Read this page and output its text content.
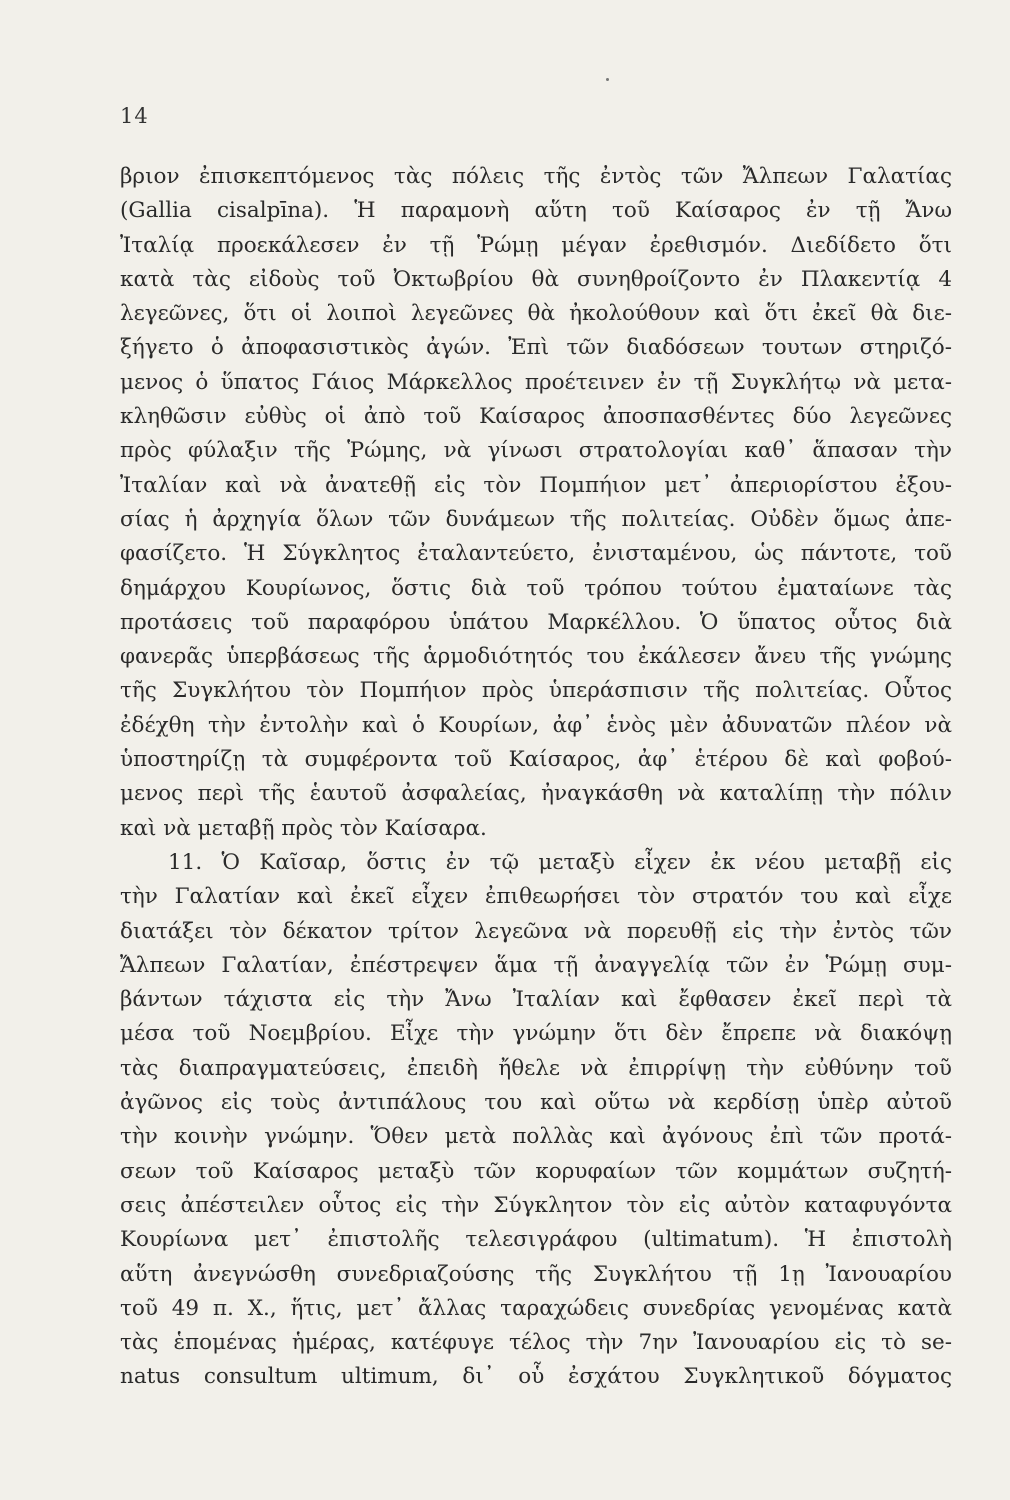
14
βριον ἐπισκεπτόμενος τὰς πόλεις τῆς ἐντὸς τῶν Ἄλπεων Γαλατίας
(Gallia cisalpīna). Ἡ παραμονὴ αὕτη τοῦ Καίσαρος ἐν τῇ Ἄνω
Ἰταλίᾳ προεκάλεσεν ἐν τῇ Ῥώμῃ μέγαν ἐρεθισμόν. Διεδίδετο ὅτι
κατὰ τὰς εἰδοὺς τοῦ Ὀκτωβρίου θὰ συνηθροίζοντο ἐν Πλακεντίᾳ 4
λεγεῶνες, ὅτι οἱ λοιποὶ λεγεῶνες θὰ ἠκολούθουν καὶ ὅτι ἐκεῖ θὰ διε-
ξήγετο ὁ ἀποφασιστικὸς ἀγών. Ἐπὶ τῶν διαδόσεων τουτων στηριζό-
μενος ὁ ὕπατος Γάιος Μάρκελλος προέτεινεν ἐν τῇ Συγκλήτῳ νὰ μετα-
κληθῶσιν εὐθὺς οἱ ἀπὸ τοῦ Καίσαρος ἀποσπασθέντες δύο λεγεῶνες
πρὸς φύλαξιν τῆς Ῥώμης, νὰ γίνωσι στρατολογίαι καθ᾽ ἅπασαν τὴν
Ἰταλίαν καὶ νὰ ἀνατεθῇ εἰς τὸν Πομπήιον μετ᾽ ἀπεριορίστου ἐξου-
σίας ἡ ἀρχηγία ὅλων τῶν δυνάμεων τῆς πολιτείας. Οὐδὲν ὅμως ἀπε-
φασίζετο. Ἡ Σύγκλητος ἐταλαντεύετο, ἐνισταμένου, ὡς πάντοτε, τοῦ
δημάρχου Κουρίωνος, ὅστις διὰ τοῦ τρόπου τούτου ἐματαίωνε τὰς
προτάσεις τοῦ παραφόρου ὑπάτου Μαρκέλλου. Ὁ ὕπατος οὗτος διὰ
φανερᾶς ὑπερβάσεως τῆς ἁρμοδιότητός του ἐκάλεσεν ἄνευ τῆς γνώμης
τῆς Συγκλήτου τὸν Πομπήιον πρὸς ὑπεράσπισιν τῆς πολιτείας. Οὗτος
ἐδέχθη τὴν ἐντολὴν καὶ ὁ Κουρίων, ἀφ᾽ ἑνὸς μὲν ἀδυνατῶν πλέον νὰ
ὑποστηρίζῃ τὰ συμφέροντα τοῦ Καίσαρος, ἀφ᾽ ἑτέρου δὲ καὶ φοβού-
μενος περὶ τῆς ἑαυτοῦ ἀσφαλείας, ἠναγκάσθη νὰ καταλίπῃ τὴν πόλιν
καὶ νὰ μεταβῇ πρὸς τὸν Καίσαρα.
11. Ὁ Καῖσαρ, ὅστις ἐν τῷ μεταξὺ εἶχεν ἐκ νέου μεταβῇ εἰς
τὴν Γαλατίαν καὶ ἐκεῖ εἶχεν ἐπιθεωρήσει τὸν στρατόν του καὶ εἶχε
διατάξει τὸν δέκατον τρίτον λεγεῶνα νὰ πορευθῇ εἰς τὴν ἐντὸς τῶν
Ἄλπεων Γαλατίαν, ἐπέστρεψεν ἅμα τῇ ἀναγγελίᾳ τῶν ἐν Ῥώμῃ συμ-
βάντων τάχιστα εἰς τὴν Ἄνω Ἰταλίαν καὶ ἔφθασεν ἐκεῖ περὶ τὰ
μέσα τοῦ Νοεμβρίου. Εἶχε τὴν γνώμην ὅτι δὲν ἔπρεπε νὰ διακόψῃ
τὰς διαπραγματεύσεις, ἐπειδὴ ἤθελε νὰ ἐπιρρίψῃ τὴν εὐθύνην τοῦ
ἀγῶνος εἰς τοὺς ἀντιπάλους του καὶ οὕτω νὰ κερδίσῃ ὑπὲρ αὐτοῦ
τὴν κοινὴν γνώμην. Ὅθεν μετὰ πολλὰς καὶ ἀγόνους ἐπὶ τῶν προτά-
σεων τοῦ Καίσαρος μεταξὺ τῶν κορυφαίων τῶν κομμάτων συζητή-
σεις ἀπέστειλεν οὗτος εἰς τὴν Σύγκλητον τὸν εἰς αὐτὸν καταφυγόντα
Κουρίωνα μετ᾽ ἐπιστολῆς τελεσιγράφου (ultimatum). Ἡ ἐπιστολὴ
αὕτη ἀνεγνώσθη συνεδριαζούσης τῆς Συγκλήτου τῇ 1ῃ Ἰανουαρίου
τοῦ 49 π. Χ., ἥτις, μετ᾽ ἄλλας ταραχώδεις συνεδρίας γενομένας κατὰ
τὰς ἑπομένας ἡμέρας, κατέφυγε τέλος τὴν 7ην Ἰανουαρίου εἰς τὸ se-
natus consultum ultimum, δι᾽ οὗ ἐσχάτου Συγκλητικοῦ δόγματος
